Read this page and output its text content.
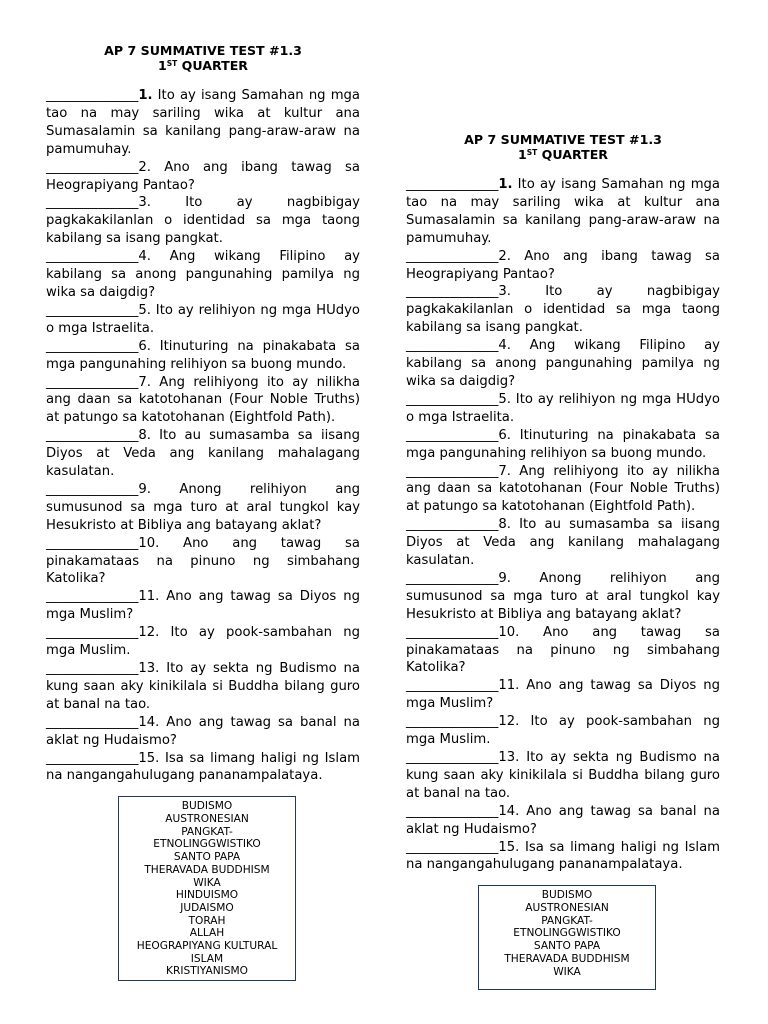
AP 7 SUMMATIVE TEST #1.3
1ST QUARTER

______________1. Ito ay isang Samahan ng mga tao na may sariling wika at kultur ana Sumasalamin sa kanilang pang-araw-araw na pamumuhay.

______________2. Ano ang ibang tawag sa Heograpiyang Pantao?

______________3. Ito ay nagbibigay pagkakakilanlan o identidad sa mga taong kabilang sa isang pangkat.

______________4. Ang wikang Filipino ay kabilang sa anong pangunahing pamilya ng wika sa daigdig?

______________5. Ito ay relihiyon ng mga HUdyo o mga Istraelita.

______________6. Itinuturing na pinakabata sa mga pangunahing relihiyon sa buong mundo.

______________7. Ang relihiyong ito ay nilikha ang daan sa katotohanan (Four Noble Truths) at patungo sa katotohanan (Eightfold Path).

______________8. Ito au sumasamba sa iisang Diyos at Veda ang kanilang mahalagang kasulatan.

______________9. Anong relihiyon ang sumusunod sa mga turo at aral tungkol kay Hesukristo at Bibliya ang batayang aklat?

______________10. Ano ang tawag sa pinakamataas na pinuno ng simbahang Katolika?

______________11. Ano ang tawag sa Diyos ng mga Muslim?

______________12. Ito ay pook-sambahan ng mga Muslim.

______________13. Ito ay sekta ng Budismo na kung saan aky kinikilala si Buddha bilang guro at banal na tao.

______________14. Ano ang tawag sa banal na aklat ng Hudaismo?

______________15. Isa sa limang haligi ng Islam na nangangahulugang pananampalataya.

BUDISMO
AUSTRONESIAN
PANGKAT-
ETNOLINGGWISTIKO
SANTO PAPA
THERAVADA BUDDHISM
WIKA
HINDUISMO
JUDAISMO
TORAH
ALLAH
HEOGRAPIYANG KULTURAL
ISLAM
KRISTIYANISMO
AP 7 SUMMATIVE TEST #1.3
1ST QUARTER

______________1. Ito ay isang Samahan ng mga tao na may sariling wika at kultur ana Sumasalamin sa kanilang pang-araw-araw na pamumuhay.

______________2. Ano ang ibang tawag sa Heograpiyang Pantao?

______________3. Ito ay nagbibigay pagkakakilanlan o identidad sa mga taong kabilang sa isang pangkat.

______________4. Ang wikang Filipino ay kabilang sa anong pangunahing pamilya ng wika sa daigdig?

______________5. Ito ay relihiyon ng mga HUdyo o mga Istraelita.

______________6. Itinuturing na pinakabata sa mga pangunahing relihiyon sa buong mundo.

______________7. Ang relihiyong ito ay nilikha ang daan sa katotohanan (Four Noble Truths) at patungo sa katotohanan (Eightfold Path).

______________8. Ito au sumasamba sa iisang Diyos at Veda ang kanilang mahalagang kasulatan.

______________9. Anong relihiyon ang sumusunod sa mga turo at aral tungkol kay Hesukristo at Bibliya ang batayang aklat?

______________10. Ano ang tawag sa pinakamataas na pinuno ng simbahang Katolika?

______________11. Ano ang tawag sa Diyos ng mga Muslim?

______________12. Ito ay pook-sambahan ng mga Muslim.

______________13. Ito ay sekta ng Budismo na kung saan aky kinikilala si Buddha bilang guro at banal na tao.

______________14. Ano ang tawag sa banal na aklat ng Hudaismo?

______________15. Isa sa limang haligi ng Islam na nangangahulugang pananampalataya.

BUDISMO
AUSTRONESIAN
PANGKAT-
ETNOLINGGWISTIKO
SANTO PAPA
THERAVADA BUDDHISM
WIKA
